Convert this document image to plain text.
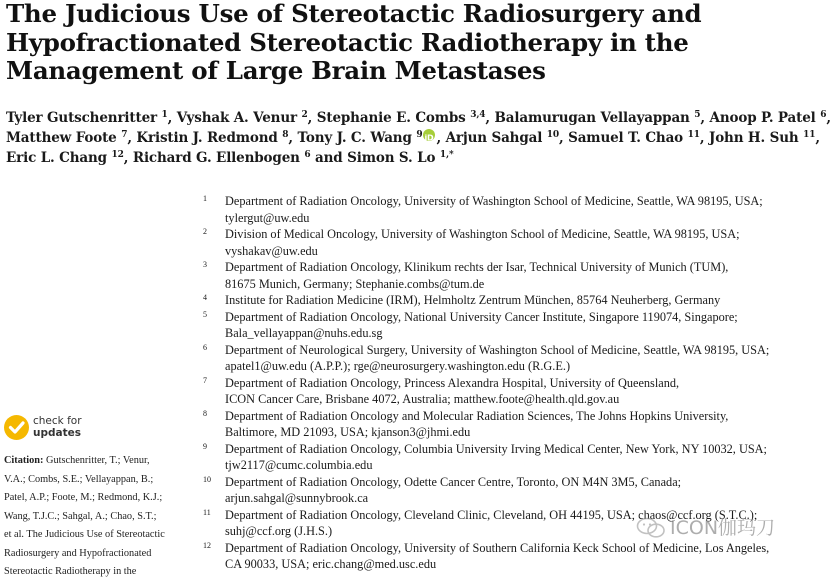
The Judicious Use of Stereotactic Radiosurgery and
Hypofractionated Stereotactic Radiotherapy in the
Management of Large Brain Metastases
Tyler Gutschenritter $^1$, Vyshak A. Venur $^2$, Stephanie E. Combs $^{3,4}$, Balamurugan Vellayappan $^5$, Anoop P. Patel $^6$,
Matthew Foote $^7$, Kristin J. Redmond $^8$, Tony J. C. Wang $^9$ iD , Arjun Sahgal $^{10}$, Samuel T. Chao $^{11}$, John H. Suh $^{11}$,
Eric L. Chang $^{12}$, Richard G. Ellenbogen $^6$ and Simon S. Lo $^{1,*}$
1 Department of Radiation Oncology, University of Washington School of Medicine, Seattle, WA 98195, USA;
tylergut@uw.edu
2 Division of Medical Oncology, University of Washington School of Medicine, Seattle, WA 98195, USA;
vyshakav@uw.edu
3 Department of Radiation Oncology, Klinikum rechts der Isar, Technical University of Munich (TUM),
81675 Munich, Germany; Stephanie.combs@tum.de
4 Institute for Radiation Medicine (IRM), Helmholtz Zentrum München, 85764 Neuherberg, Germany
5 Department of Radiation Oncology, National University Cancer Institute, Singapore 119074, Singapore;
Bala_vellayappan@nuhs.edu.sg
6 Department of Neurological Surgery, University of Washington School of Medicine, Seattle, WA 98195, USA;
apatel1@uw.edu (A.P.P.); rge@neurosurgery.washington.edu (R.G.E.)
7 Department of Radiation Oncology, Princess Alexandra Hospital, University of Queensland,
ICON Cancer Care, Brisbane 4072, Australia; matthew.foote@health.qld.gov.au
8 Department of Radiation Oncology and Molecular Radiation Sciences, The Johns Hopkins University,
Baltimore, MD 21093, USA; kjanson3@jhmi.edu
9 Department of Radiation Oncology, Columbia University Irving Medical Center, New York, NY 10032, USA;
tjw2117@cumc.columbia.edu
10 Department of Radiation Oncology, Odette Cancer Centre, Toronto, ON M4N 3M5, Canada;
arjun.sahgal@sunnybrook.ca
11 Department of Radiation Oncology, Cleveland Clinic, Cleveland, OH 44195, USA; chaos@ccf.org (S.T.C.);
suhj@ccf.org (J.H.S.)
12 Department of Radiation Oncology, University of Southern California Keck School of Medicine, Los Angeles,
CA 90033, USA; eric.chang@med.usc.edu
check for
updates
Citation: Gutschenritter, T.; Venur,
V.A.; Combs, S.E.; Vellayappan, B.;
Patel, A.P.; Foote, M.; Redmond, K.J.;
Wang, T.J.C.; Sahgal, A.; Chao, S.T.;
et al. The Judicious Use of Stereotactic
Radiosurgery and Hypofractionated
Stereotactic Radiotherapy in the
ICON伽玛刀
